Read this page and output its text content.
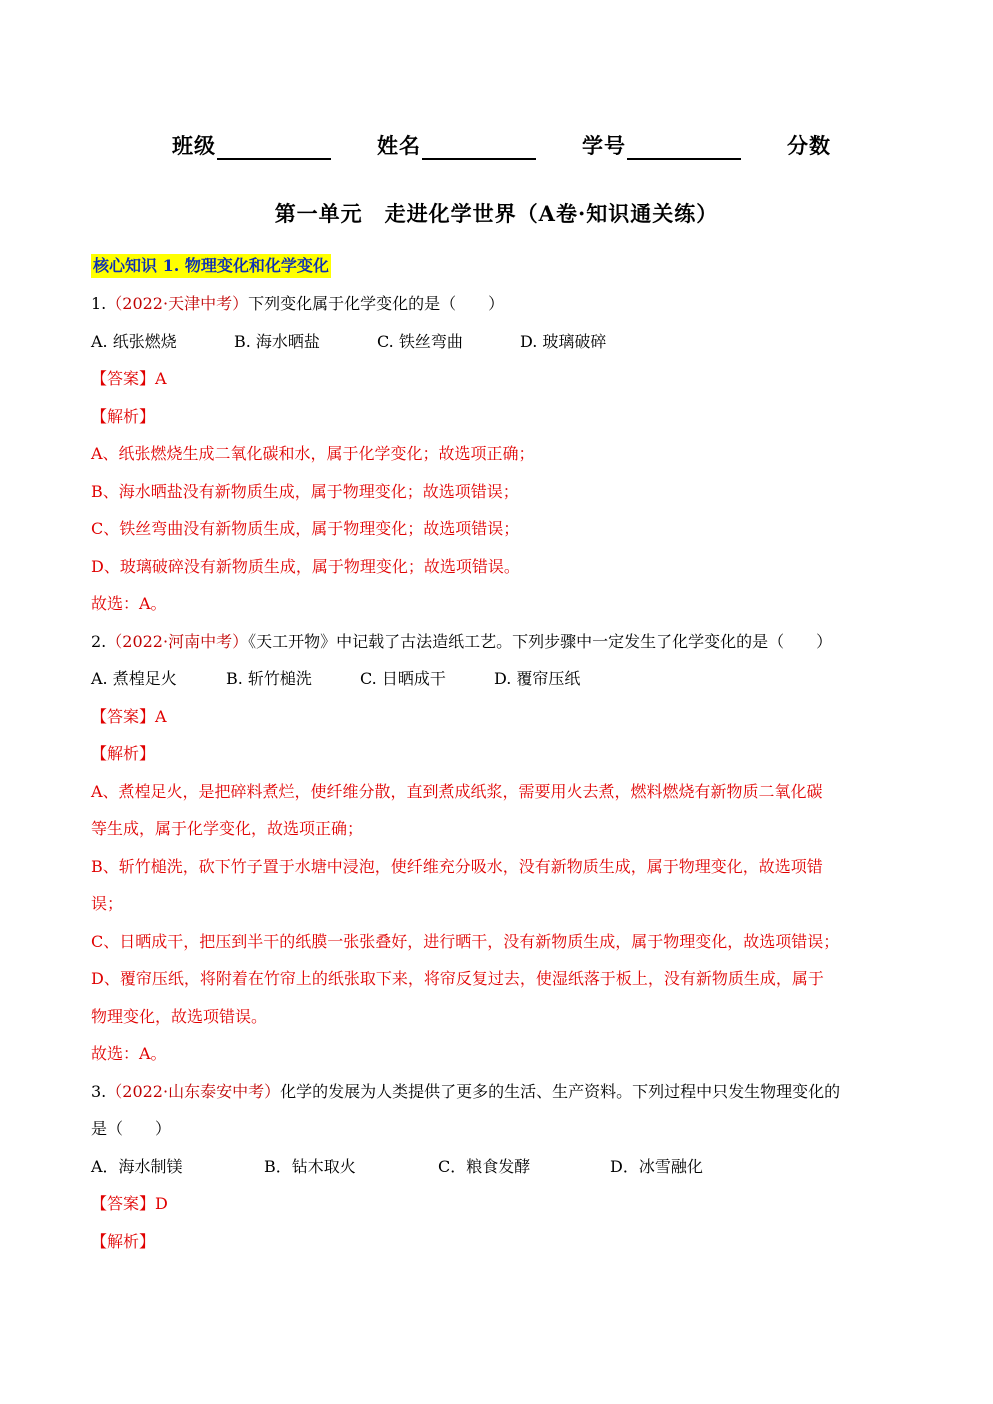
班级	姓名	学号	分数
第一单元　走进化学世界（A卷·知识通关练）
核心知识 1. 物理变化和化学变化
1.（2022·天津中考）下列变化属于化学变化的是（　　）
A. 纸张燃烧	B. 海水晒盐	C. 铁丝弯曲	D. 玻璃破碎
【答案】A
【解析】
A、纸张燃烧生成二氧化碳和水，属于化学变化；故选项正确；
B、海水晒盐没有新物质生成，属于物理变化；故选项错误；
C、铁丝弯曲没有新物质生成，属于物理变化；故选项错误；
D、玻璃破碎没有新物质生成，属于物理变化；故选项错误。
故选：A。
2.（2022·河南中考）《天工开物》中记载了古法造纸工艺。下列步骤中一定发生了化学变化的是（　　）
A. 煮楻足火	B. 斩竹槌洗	C. 日晒成干	D. 覆帘压纸
【答案】A
【解析】
A、煮楻足火，是把碎料煮烂，使纤维分散，直到煮成纸浆，需要用火去煮，燃料燃烧有新物质二氧化碳
等生成，属于化学变化，故选项正确；
B、斩竹槌洗，砍下竹子置于水塘中浸泡，使纤维充分吸水，没有新物质生成，属于物理变化，故选项错
误；
C、日晒成干，把压到半干的纸膜一张张叠好，进行晒干，没有新物质生成，属于物理变化，故选项错误；
D、覆帘压纸，将附着在竹帘上的纸张取下来，将帘反复过去，使湿纸落于板上，没有新物质生成，属于
物理变化，故选项错误。
故选：A。
3.（2022·山东泰安中考）化学的发展为人类提供了更多的生活、生产资料。下列过程中只发生物理变化的
是（　　）
A．海水制镁	B．钻木取火	C．粮食发酵	D．冰雪融化
【答案】D
【解析】
